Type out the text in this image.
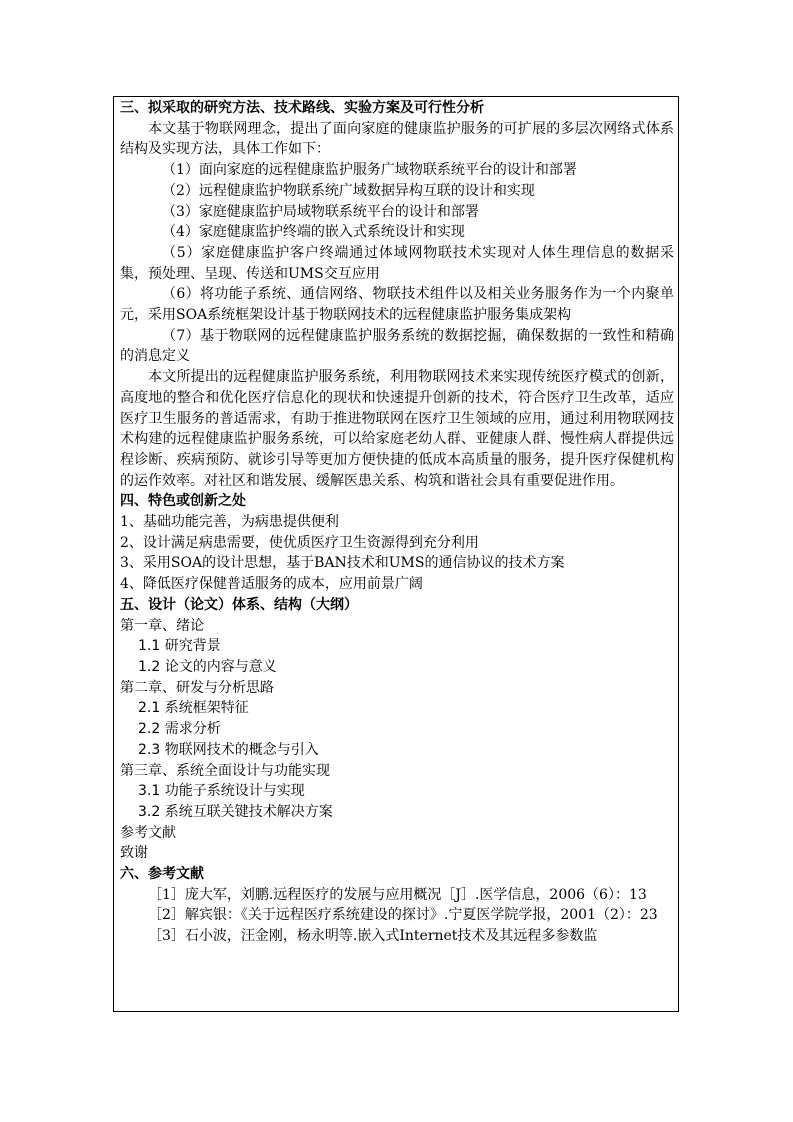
三、拟采取的研究方法、技术路线、实验方案及可行性分析

本文基于物联网理念，提出了面向家庭的健康监护服务的可扩展的多层次网络式体系结构及实现方法，具体工作如下：

（1）面向家庭的远程健康监护服务广域物联系统平台的设计和部署

（2）远程健康监护物联系统广域数据异构互联的设计和实现

（3）家庭健康监护局域物联系统平台的设计和部署

（4）家庭健康监护终端的嵌入式系统设计和实现

（5）家庭健康监护客户终端通过体域网物联技术实现对人体生理信息的数据采集，预处理、呈现、传送和UMS交互应用

（6）将功能子系统、通信网络、物联技术组件以及相关业务服务作为一个内聚单元，采用SOA系统框架设计基于物联网技术的远程健康监护服务集成架构

（7）基于物联网的远程健康监护服务系统的数据挖掘，确保数据的一致性和精确的消息定义

本文所提出的远程健康监护服务系统，利用物联网技术来实现传统医疗模式的创新，高度地的整合和优化医疗信息化的现状和快速提升创新的技术，符合医疗卫生改革，适应医疗卫生服务的普适需求，有助于推进物联网在医疗卫生领域的应用，通过利用物联网技术构建的远程健康监护服务系统，可以给家庭老幼人群、亚健康人群、慢性病人群提供远程诊断、疾病预防、就诊引导等更加方便快捷的低成本高质量的服务，提升医疗保健机构的运作效率。对社区和谐发展、缓解医患关系、构筑和谐社会具有重要促进作用。

四、特色或创新之处

1、基础功能完善，为病患提供便利

2、设计满足病患需要，使优质医疗卫生资源得到充分利用

3、采用SOA的设计思想，基于BAN技术和UMS的通信协议的技术方案

4、降低医疗保健普适服务的成本，应用前景广阔

五、设计（论文）体系、结构（大纲）

第一章、绪论

1.1 研究背景

1.2 论文的内容与意义

第二章、研发与分析思路

2.1 系统框架特征

2.2 需求分析

2.3 物联网技术的概念与引入

第三章、系统全面设计与功能实现

3.1 功能子系统设计与实现

3.2 系统互联关键技术解决方案

参考文献

致谢

六、参考文献

［1］庞大军，刘鹏.远程医疗的发展与应用概况［J］.医学信息，2006（6）：13

［2］解宾银：《关于远程医疗系统建设的探讨》.宁夏医学院学报，2001（2）：23

［3］石小波，汪金刚，杨永明等.嵌入式Internet技术及其远程多参数监
